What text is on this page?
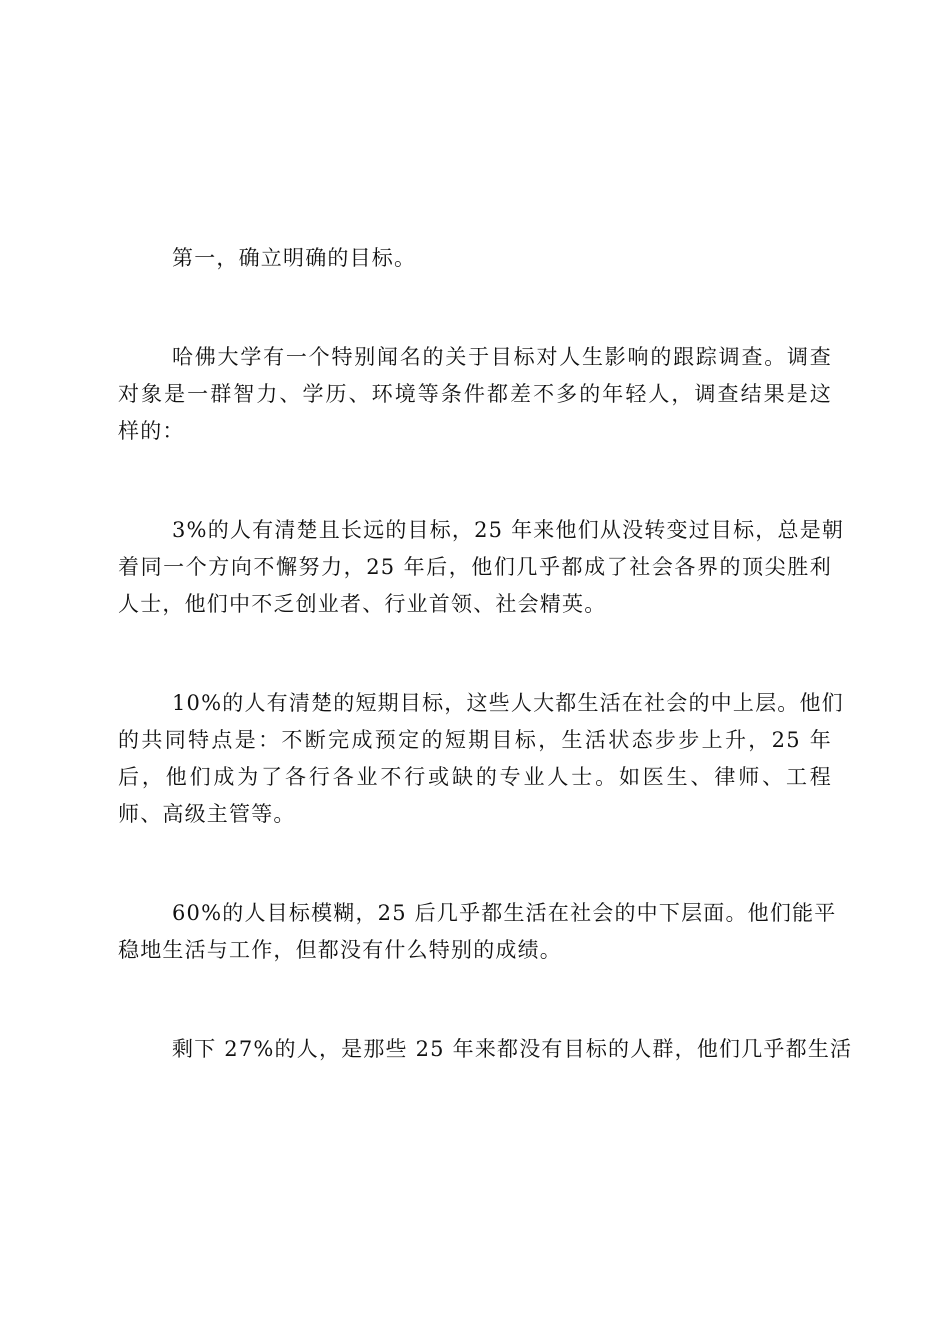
第一，确立明确的目标。

哈佛大学有一个特别闻名的关于目标对人生影响的跟踪调查。调查

对象是一群智力、学历、环境等条件都差不多的年轻人，调查结果是这

样的：

3%的人有清楚且长远的目标，25 年来他们从没转变过目标，总是朝

着同一个方向不懈努力，25 年后，他们几乎都成了社会各界的顶尖胜利

人士，他们中不乏创业者、行业首领、社会精英。

10%的人有清楚的短期目标，这些人大都生活在社会的中上层。他们

的共同特点是：不断完成预定的短期目标，生活状态步步上升，25 年

后，他们成为了各行各业不行或缺的专业人士。如医生、律师、工程

师、高级主管等。

60%的人目标模糊，25 后几乎都生活在社会的中下层面。他们能平

稳地生活与工作，但都没有什么特别的成绩。

剩下 27%的人，是那些 25 年来都没有目标的人群，他们几乎都生活
